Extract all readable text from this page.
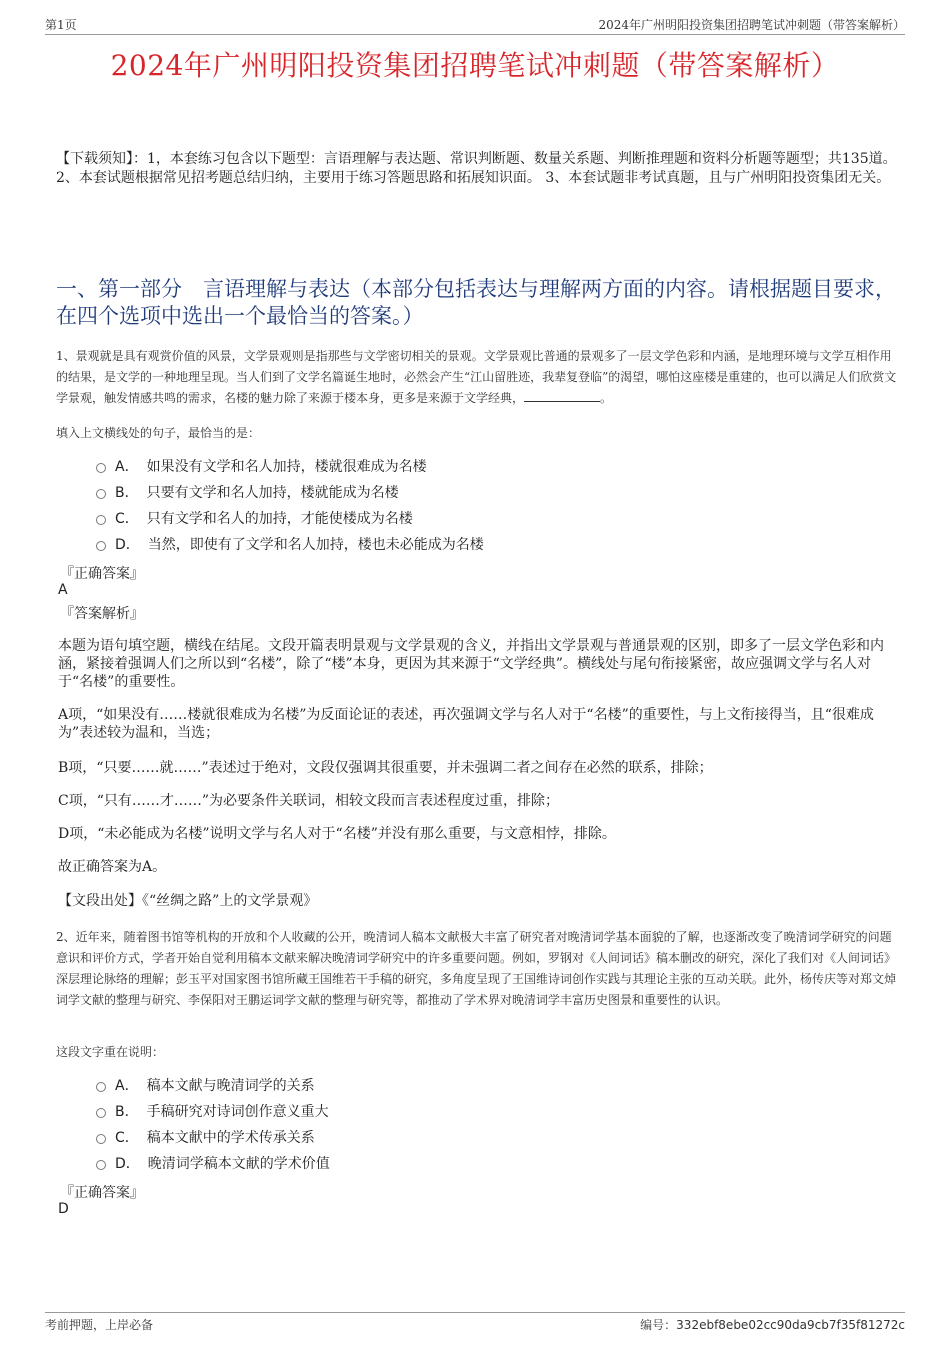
第1页	2024年广州明阳投资集团招聘笔试冲刺题（带答案解析）
2024年广州明阳投资集团招聘笔试冲刺题（带答案解析）
【下载须知】：1，本套练习包含以下题型：言语理解与表达题、常识判断题、数量关系题、判断推理题和资料分析题等题型；共135道。 2、本套试题根据常见招考题总结归纳，主要用于练习答题思路和拓展知识面。 3、本套试题非考试真题，且与广州明阳投资集团无关。
一、第一部分　言语理解与表达（本部分包括表达与理解两方面的内容。请根据题目要求，在四个选项中选出一个最恰当的答案。）
1、景观就是具有观赏价值的风景，文学景观则是指那些与文学密切相关的景观。文学景观比普通的景观多了一层文学色彩和内涵，是地理环境与文学互相作用的结果，是文学的一种地理呈现。当人们到了文学名篇诞生地时，必然会产生“江山留胜迹，我辈复登临”的渴望，哪怕这座楼是重建的，也可以满足人们欣赏文学景观，触发情感共鸣的需求，名楼的魅力除了来源于楼本身，更多是来源于文学经典，	。
填入上文横线处的句子，最恰当的是：
A． 如果没有文学和名人加持，楼就很难成为名楼
B． 只要有文学和名人加持，楼就能成为名楼
C． 只有文学和名人的加持，才能使楼成为名楼
D． 当然，即使有了文学和名人加持，楼也未必能成为名楼
『正确答案』
A
『答案解析』
本题为语句填空题，横线在结尾。文段开篇表明景观与文学景观的含义，并指出文学景观与普通景观的区别，即多了一层文学色彩和内涵，紧接着强调人们之所以到“名楼”，除了“楼”本身，更因为其来源于“文学经典”。横线处与尾句衔接紧密，故应强调文学与名人对于“名楼”的重要性。
A项，“如果没有……楼就很难成为名楼”为反面论证的表述，再次强调文学与名人对于“名楼”的重要性，与上文衔接得当，且“很难成为”表述较为温和，当选；
B项，“只要……就……”表述过于绝对，文段仅强调其很重要，并未强调二者之间存在必然的联系，排除；
C项，“只有……才……”为必要条件关联词，相较文段而言表述程度过重，排除；
D项，“未必能成为名楼”说明文学与名人对于“名楼”并没有那么重要，与文意相悖，排除。
故正确答案为A。
【文段出处】《“丝绸之路”上的文学景观》
2、近年来，随着图书馆等机构的开放和个人收藏的公开，晚清词人稿本文献极大丰富了研究者对晚清词学基本面貌的了解，也逐渐改变了晚清词学研究的问题意识和评价方式，学者开始自觉利用稿本文献来解决晚清词学研究中的许多重要问题。例如，罗钢对《人间词话》稿本删改的研究，深化了我们对《人间词话》深层理论脉络的理解；彭玉平对国家图书馆所藏王国维若干手稿的研究，多角度呈现了王国维诗词创作实践与其理论主张的互动关联。此外，杨传庆等对郑文焯词学文献的整理与研究、李保阳对王鹏运词学文献的整理与研究等，都推动了学术界对晚清词学丰富历史图景和重要性的认识。
这段文字重在说明：
A． 稿本文献与晚清词学的关系
B． 手稿研究对诗词创作意义重大
C． 稿本文献中的学术传承关系
D． 晚清词学稿本文献的学术价值
『正确答案』
D
考前押题，上岸必备	编号：332ebf8ebe02cc90da9cb7f35f81272c
